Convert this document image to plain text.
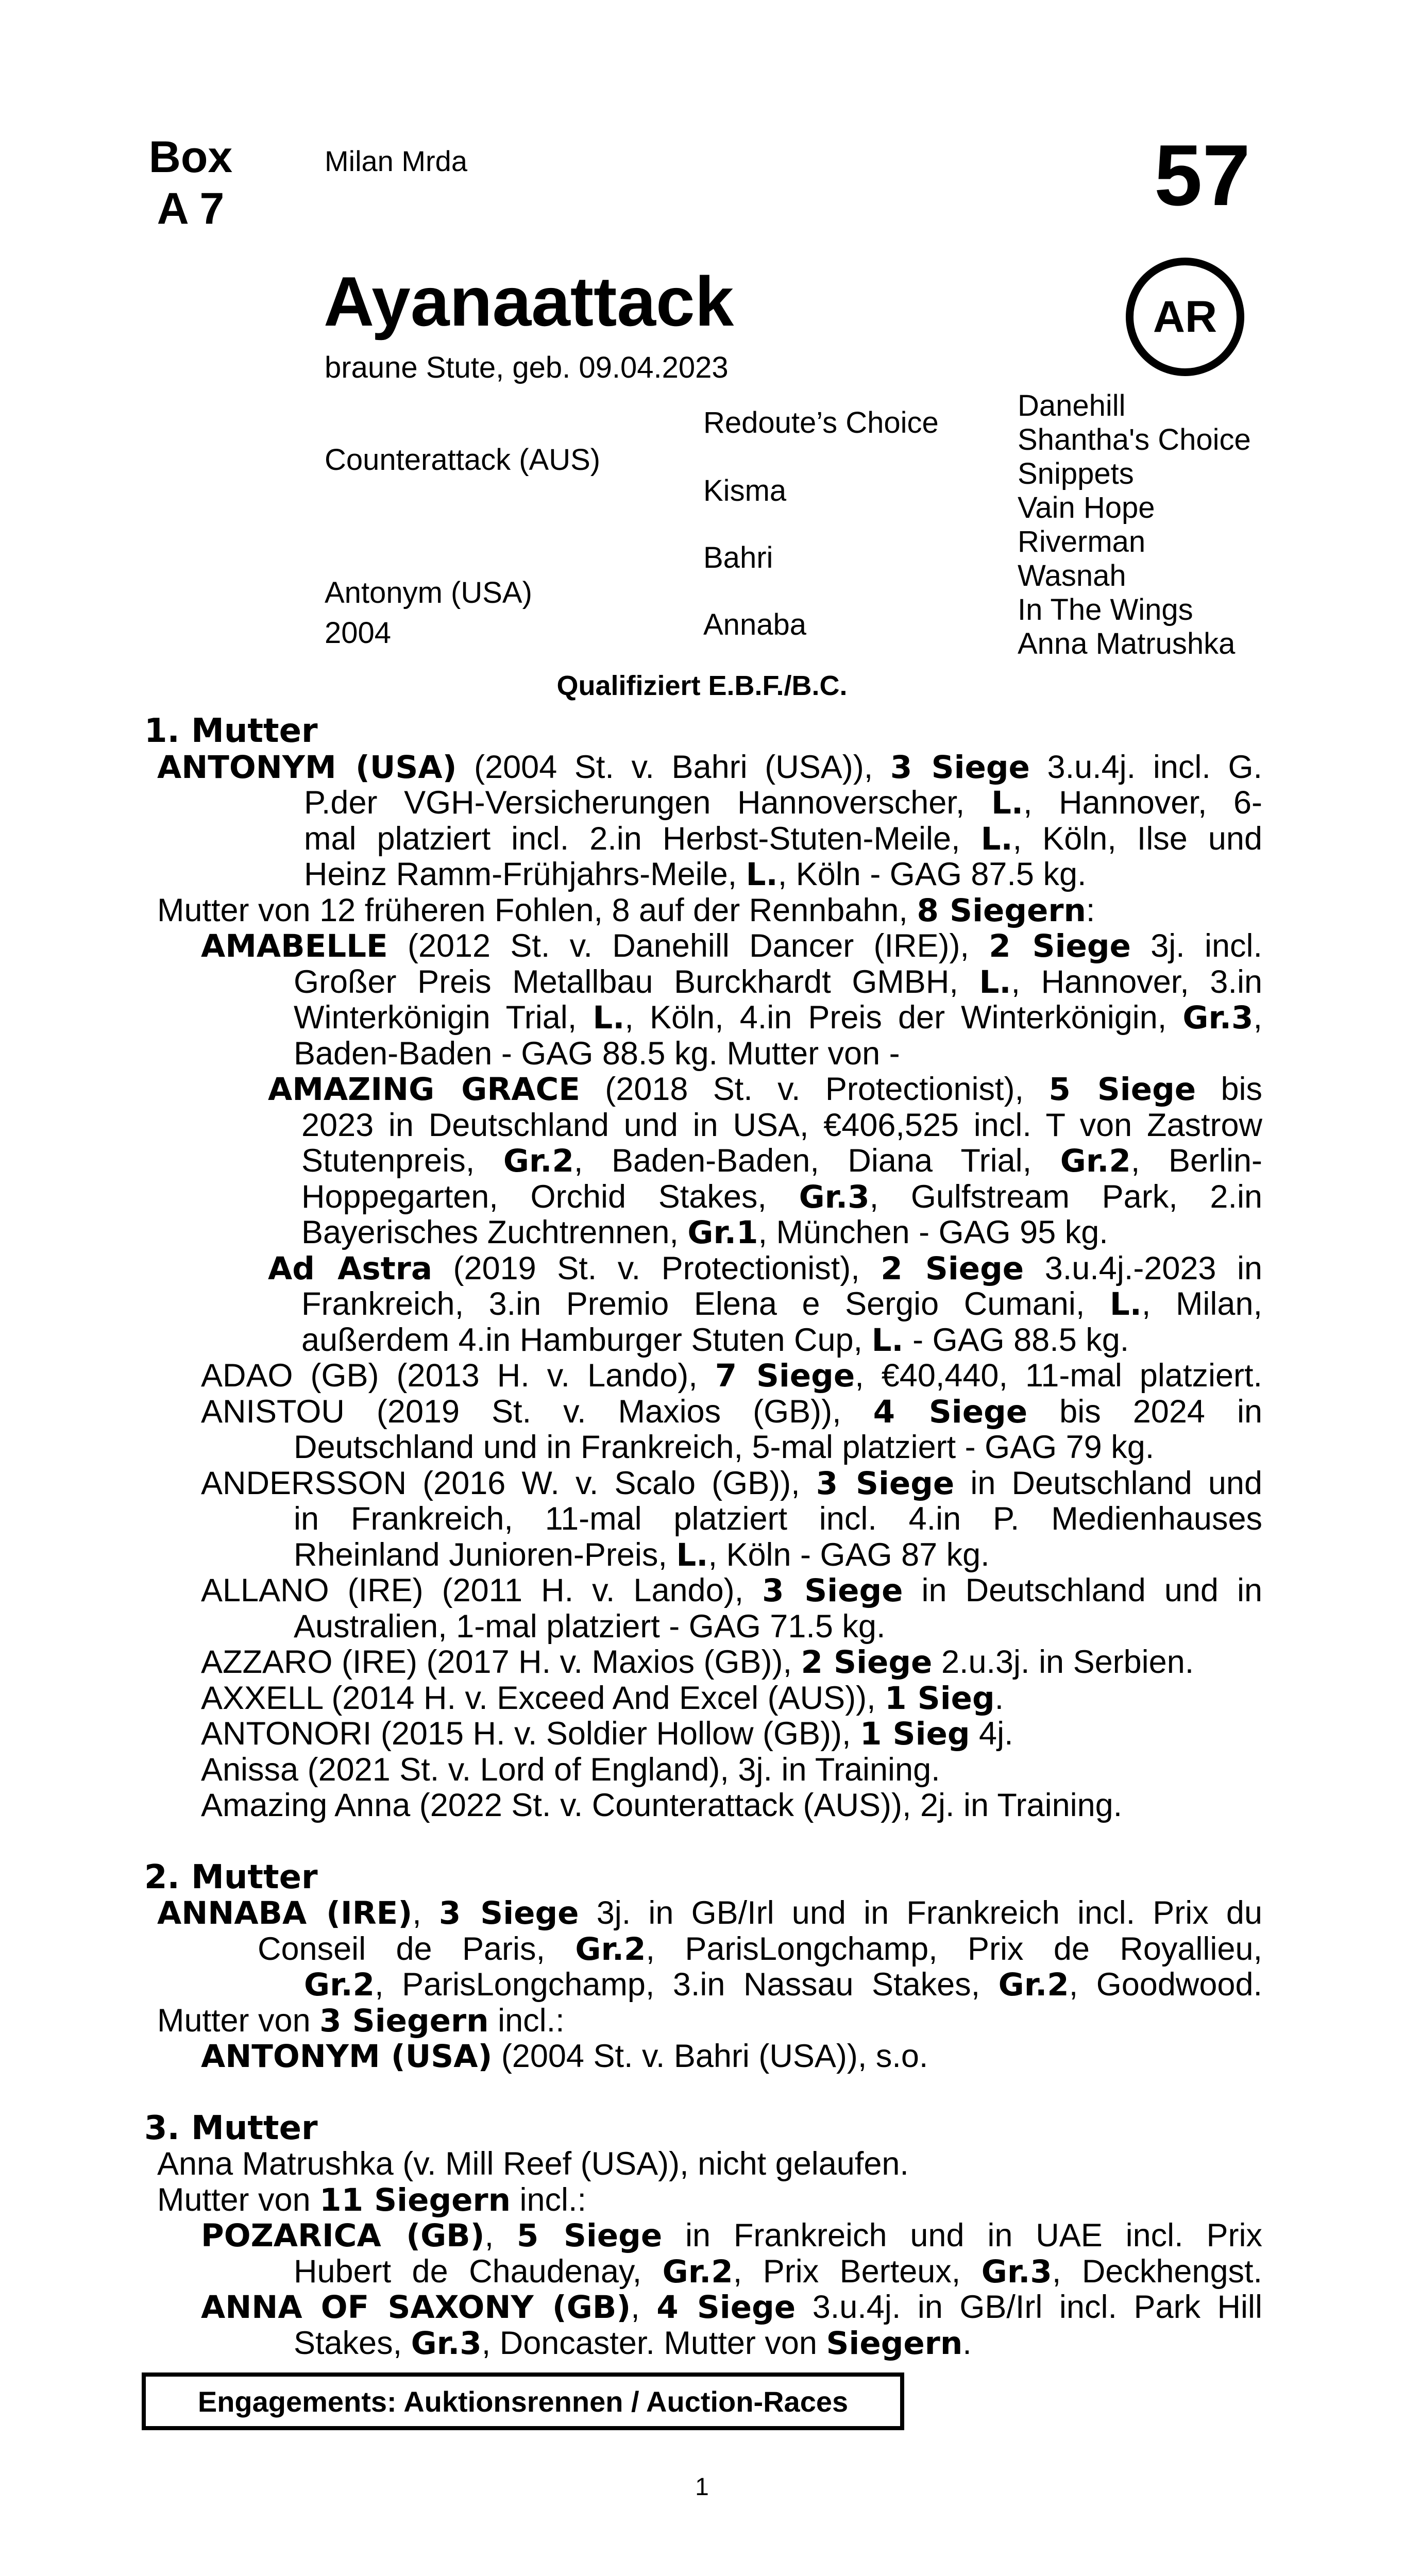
Box
A 7
Milan Mrda	57
AR
Ayanaattack
braune Stute, geb. 09.04.2023
Counterattack (AUS)
Antonym (USA)
2004
Redoute’s Choice
Kisma
Bahri
Annaba
Danehill
Shantha's Choice
Snippets
Vain Hope
Riverman
Wasnah
In The Wings
Anna Matrushka
Qualifiziert E.B.F./B.C.
1. Mutter
ANTONYM (USA) (2004 St. v. Bahri (USA)), 3 Siege 3.u.4j. incl. G.
P.der VGH-Versicherungen Hannoverscher, L., Hannover, 6-
mal platziert incl. 2.in Herbst-Stuten-Meile, L., Köln, Ilse und
Heinz Ramm-Frühjahrs-Meile, L., Köln - GAG 87.5 kg.
Mutter von 12 früheren Fohlen, 8 auf der Rennbahn, 8 Siegern:
AMABELLE (2012 St. v. Danehill Dancer (IRE)), 2 Siege 3j. incl.
Großer Preis Metallbau Burckhardt GMBH, L., Hannover, 3.in
Winterkönigin Trial, L., Köln, 4.in Preis der Winterkönigin, Gr.3,
Baden-Baden - GAG 88.5 kg. Mutter von -
AMAZING GRACE (2018 St. v. Protectionist), 5 Siege bis
2023 in Deutschland und in USA, €406,525 incl. T von Zastrow
Stutenpreis, Gr.2, Baden-Baden, Diana Trial, Gr.2, Berlin-
Hoppegarten, Orchid Stakes, Gr.3, Gulfstream Park, 2.in
Bayerisches Zuchtrennen, Gr.1, München - GAG 95 kg.
Ad Astra (2019 St. v. Protectionist), 2 Siege 3.u.4j.-2023 in
Frankreich, 3.in Premio Elena e Sergio Cumani, L., Milan,
außerdem 4.in Hamburger Stuten Cup, L. - GAG 88.5 kg.
ADAO (GB) (2013 H. v. Lando), 7 Siege, €40,440, 11-mal platziert.
ANISTOU (2019 St. v. Maxios (GB)), 4 Siege bis 2024 in
Deutschland und in Frankreich, 5-mal platziert - GAG 79 kg.
ANDERSSON (2016 W. v. Scalo (GB)), 3 Siege in Deutschland und
in Frankreich, 11-mal platziert incl. 4.in P. Medienhauses
Rheinland Junioren-Preis, L., Köln - GAG 87 kg.
ALLANO (IRE) (2011 H. v. Lando), 3 Siege in Deutschland und in
Australien, 1-mal platziert - GAG 71.5 kg.
AZZARO (IRE) (2017 H. v. Maxios (GB)), 2 Siege 2.u.3j. in Serbien.
AXXELL (2014 H. v. Exceed And Excel (AUS)), 1 Sieg.
ANTONORI (2015 H. v. Soldier Hollow (GB)), 1 Sieg 4j.
Anissa (2021 St. v. Lord of England), 3j. in Training.
Amazing Anna (2022 St. v. Counterattack (AUS)), 2j. in Training.
2. Mutter
ANNABA (IRE), 3 Siege 3j. in GB/Irl und in Frankreich incl. Prix du
Conseil de Paris, Gr.2, ParisLongchamp, Prix de Royallieu,
Gr.2, ParisLongchamp, 3.in Nassau Stakes, Gr.2, Goodwood.
Mutter von 3 Siegern incl.:
ANTONYM (USA) (2004 St. v. Bahri (USA)), s.o.
3. Mutter
Anna Matrushka (v. Mill Reef (USA)), nicht gelaufen.
Mutter von 11 Siegern incl.:
POZARICA (GB), 5 Siege in Frankreich und in UAE incl. Prix
Hubert de Chaudenay, Gr.2, Prix Berteux, Gr.3, Deckhengst.
ANNA OF SAXONY (GB), 4 Siege 3.u.4j. in GB/Irl incl. Park Hill
Stakes, Gr.3, Doncaster. Mutter von Siegern.
Engagements: Auktionsrennen / Auction-Races
1
